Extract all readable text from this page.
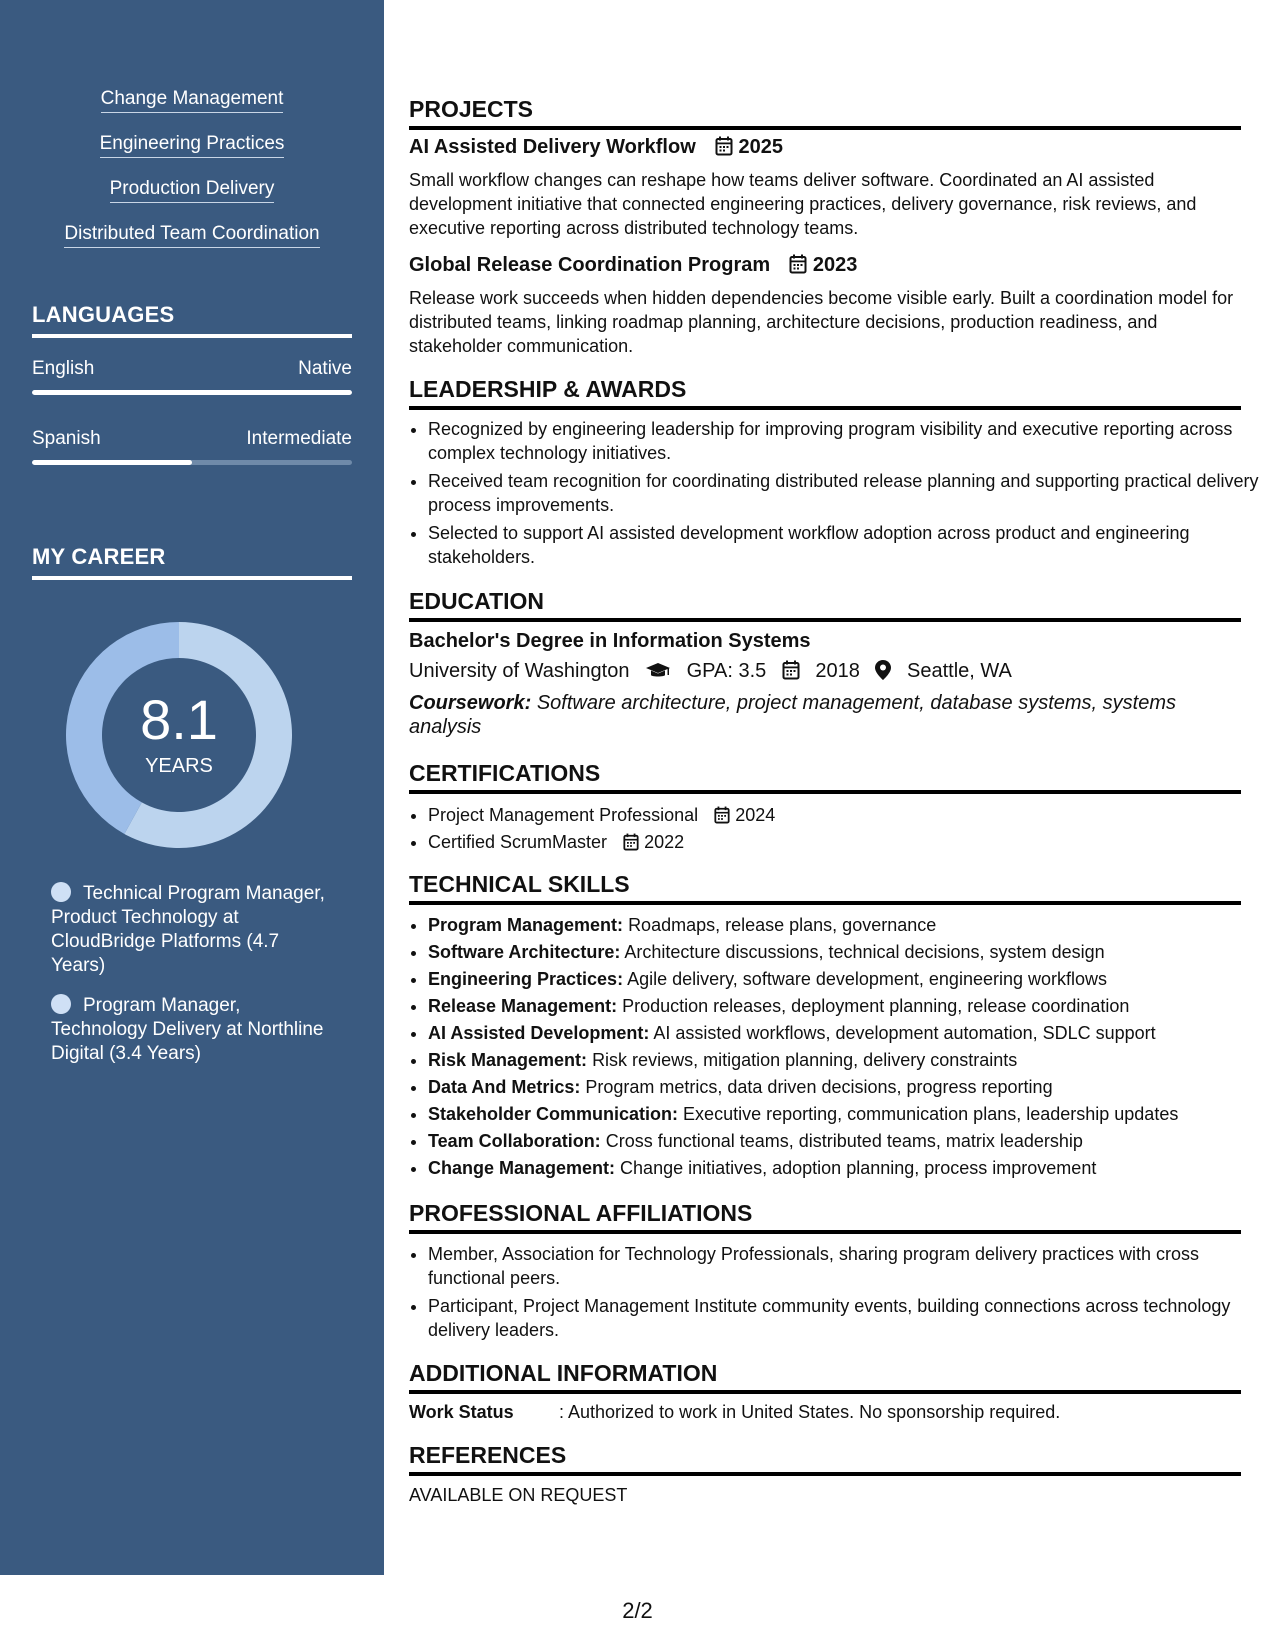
Change Management
Engineering Practices
Production Delivery
Distributed Team Coordination
LANGUAGES
English	Native
Spanish	Intermediate
MY CAREER
8.1
YEARS
Technical Program Manager, Product Technology at CloudBridge Platforms (4.7 Years)
Program Manager, Technology Delivery at Northline Digital (3.4 Years)
PROJECTS
AI Assisted Delivery Workflow 2025
Small workflow changes can reshape how teams deliver software. Coordinated an AI assisted development initiative that connected engineering practices, delivery governance, risk reviews, and executive reporting across distributed technology teams.
Global Release Coordination Program 2023
Release work succeeds when hidden dependencies become visible early. Built a coordination model for distributed teams, linking roadmap planning, architecture decisions, production readiness, and stakeholder communication.
LEADERSHIP & AWARDS
• Recognized by engineering leadership for improving program visibility and executive reporting across complex technology initiatives.
• Received team recognition for coordinating distributed release planning and supporting practical delivery process improvements.
• Selected to support AI assisted development workflow adoption across product and engineering stakeholders.
EDUCATION
Bachelor's Degree in Information Systems
University of Washington	GPA: 3.5 2018 Seattle, WA
Coursework: Software architecture, project management, database systems, systems analysis
CERTIFICATIONS
• Project Management Professional 2024
• Certified ScrumMaster 2022
TECHNICAL SKILLS
• Program Management: Roadmaps, release plans, governance
• Software Architecture: Architecture discussions, technical decisions, system design
• Engineering Practices: Agile delivery, software development, engineering workflows
• Release Management: Production releases, deployment planning, release coordination
• AI Assisted Development: AI assisted workflows, development automation, SDLC support
• Risk Management: Risk reviews, mitigation planning, delivery constraints
• Data And Metrics: Program metrics, data driven decisions, progress reporting
• Stakeholder Communication: Executive reporting, communication plans, leadership updates
• Team Collaboration: Cross functional teams, distributed teams, matrix leadership
• Change Management: Change initiatives, adoption planning, process improvement
PROFESSIONAL AFFILIATIONS
• Member, Association for Technology Professionals, sharing program delivery practices with cross functional peers.
• Participant, Project Management Institute community events, building connections across technology delivery leaders.
ADDITIONAL INFORMATION
Work Status	: Authorized to work in United States. No sponsorship required.
REFERENCES
AVAILABLE ON REQUEST
2/2
